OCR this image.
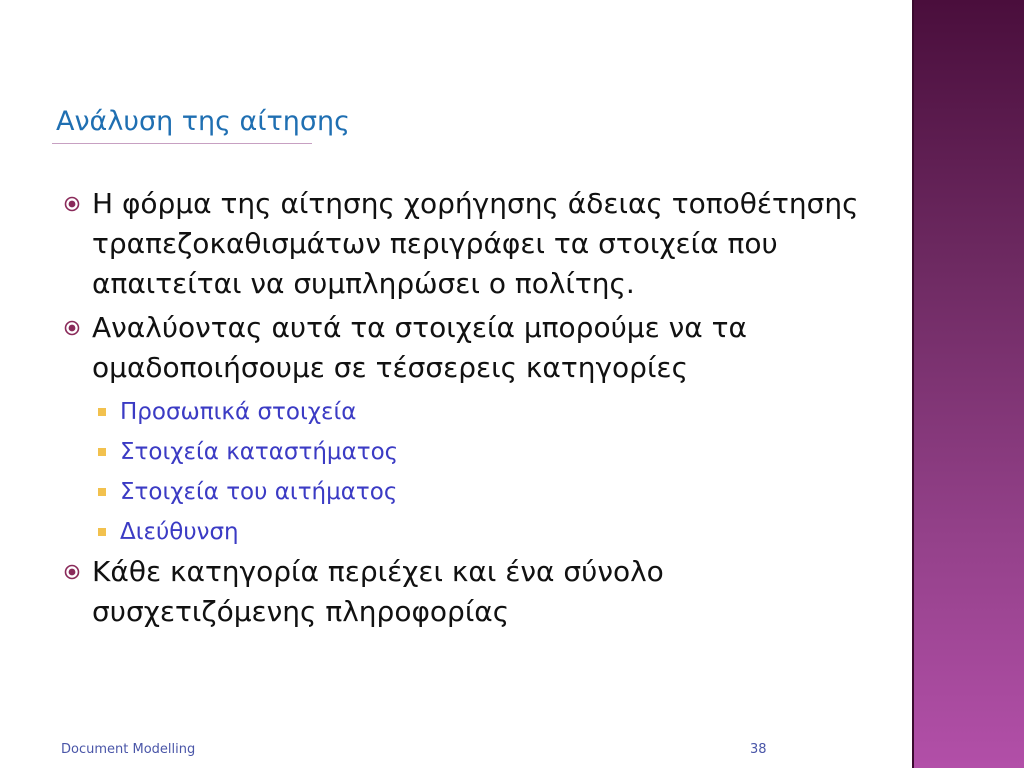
Ανάλυση της αίτησης
Η φόρμα της αίτησης χορήγησης άδειας τοποθέτησης τραπεζοκαθισμάτων περιγράφει τα στοιχεία που απαιτείται να συμπληρώσει ο πολίτης.
Αναλύοντας αυτά τα στοιχεία μπορούμε να τα ομαδοποιήσουμε σε τέσσερεις κατηγορίες
Προσωπικά στοιχεία
Στοιχεία καταστήματος
Στοιχεία του αιτήματος
Διεύθυνση
Κάθε κατηγορία περιέχει και ένα σύνολο συσχετιζόμενης πληροφορίας
Document Modelling	38
